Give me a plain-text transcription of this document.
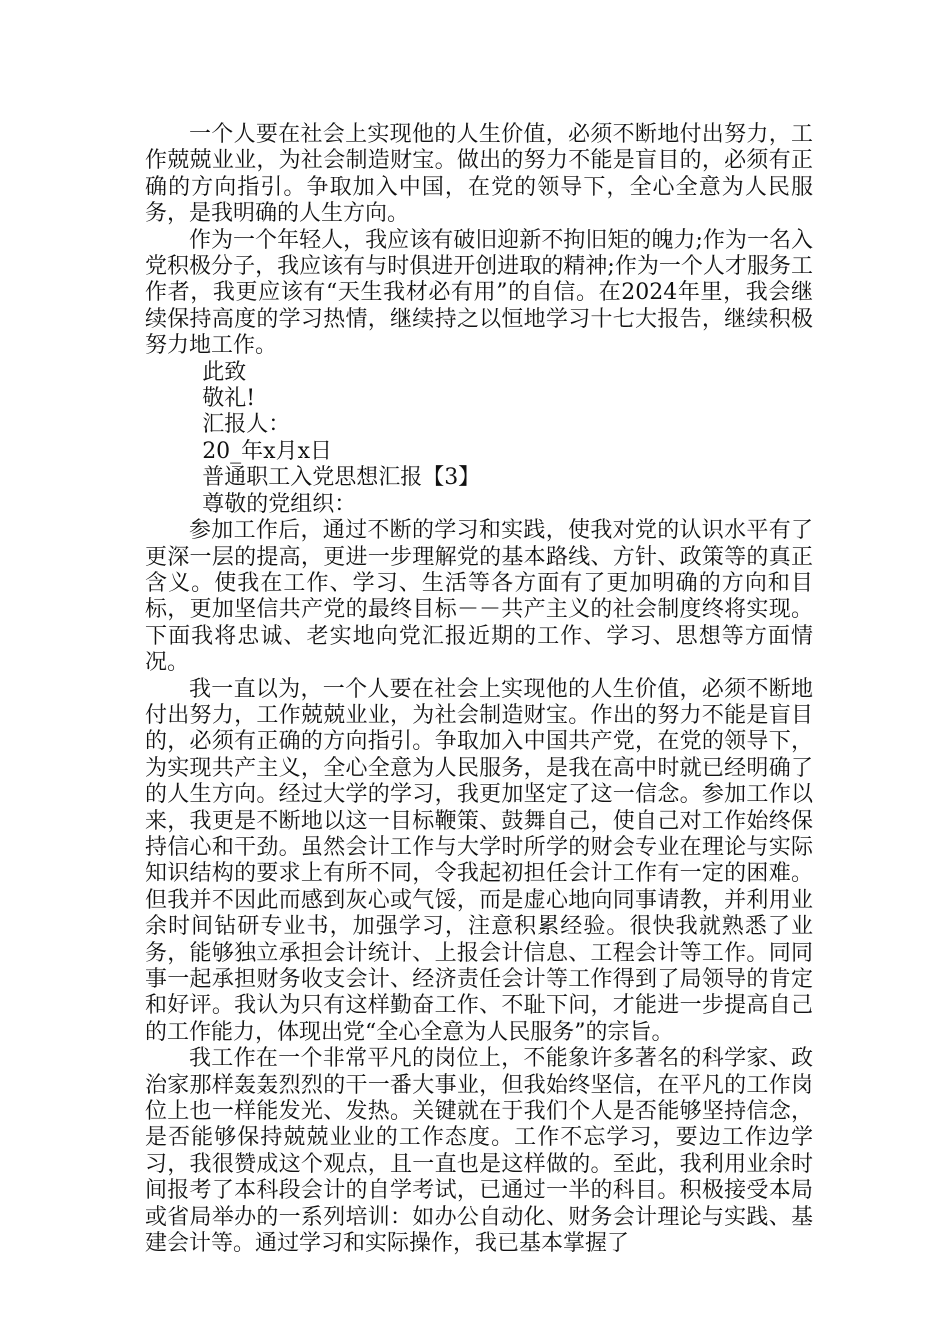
一个人要在社会上实现他的人生价值，必须不断地付出努力，工作兢兢业业，为社会制造财宝。做出的努力不能是盲目的，必须有正确的方向指引。争取加入中国，在党的领导下，全心全意为人民服务，是我明确的人生方向。

作为一个年轻人，我应该有破旧迎新不拘旧矩的魄力;作为一名入党积极分子，我应该有与时俱进开创进取的精神;作为一个人才服务工作者，我更应该有“天生我材必有用”的自信。在2024年里，我会继续保持高度的学习热情，继续持之以恒地学习十七大报告，继续积极努力地工作。

此致

敬礼!

汇报人：

20_年x月x日

普通职工入党思想汇报【3】

尊敬的党组织：

参加工作后，通过不断的学习和实践，使我对党的认识水平有了更深一层的提高，更进一步理解党的基本路线、方针、政策等的真正含义。使我在工作、学习、生活等各方面有了更加明确的方向和目标，更加坚信共产党的最终目标－－共产主义的社会制度终将实现。下面我将忠诚、老实地向党汇报近期的工作、学习、思想等方面情况。

我一直以为，一个人要在社会上实现他的人生价值，必须不断地付出努力，工作兢兢业业，为社会制造财宝。作出的努力不能是盲目的，必须有正确的方向指引。争取加入中国共产党，在党的领导下，为实现共产主义，全心全意为人民服务，是我在高中时就已经明确了的人生方向。经过大学的学习，我更加坚定了这一信念。参加工作以来，我更是不断地以这一目标鞭策、鼓舞自己，使自己对工作始终保持信心和干劲。虽然会计工作与大学时所学的财会专业在理论与实际知识结构的要求上有所不同，令我起初担任会计工作有一定的困难。但我并不因此而感到灰心或气馁，而是虚心地向同事请教，并利用业余时间钻研专业书，加强学习，注意积累经验。很快我就熟悉了业务，能够独立承担会计统计、上报会计信息、工程会计等工作。同同事一起承担财务收支会计、经济责任会计等工作得到了局领导的肯定和好评。我认为只有这样勤奋工作、不耻下问，才能进一步提高自己的工作能力，体现出党“全心全意为人民服务”的宗旨。

我工作在一个非常平凡的岗位上，不能象许多著名的科学家、政治家那样轰轰烈烈的干一番大事业，但我始终坚信，在平凡的工作岗位上也一样能发光、发热。关键就在于我们个人是否能够坚持信念，是否能够保持兢兢业业的工作态度。工作不忘学习，要边工作边学习，我很赞成这个观点，且一直也是这样做的。至此，我利用业余时间报考了本科段会计的自学考试，已通过一半的科目。积极接受本局或省局举办的一系列培训：如办公自动化、财务会计理论与实践、基建会计等。通过学习和实际操作，我已基本掌握了
